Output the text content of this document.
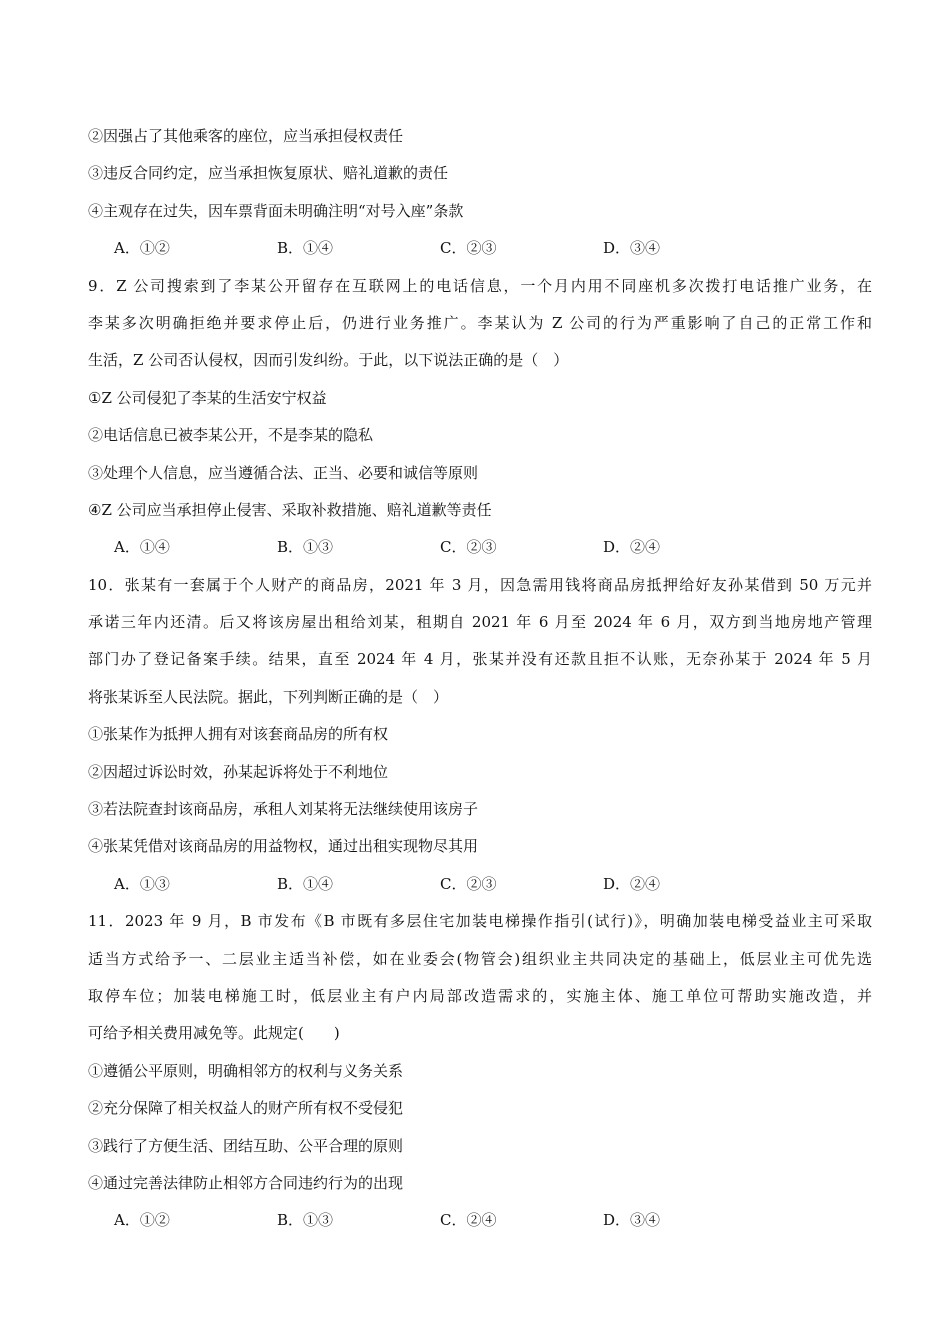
②因强占了其他乘客的座位，应当承担侵权责任
③违反合同约定，应当承担恢复原状、赔礼道歉的责任
④主观存在过失，因车票背面未明确注明“对号入座”条款
A．①②	B．①④	C．②③	D．③④
9．Z 公司搜索到了李某公开留存在互联网上的电话信息，一个月内用不同座机多次拨打电话推广业务，在
李某多次明确拒绝并要求停止后，仍进行业务推广。李某认为 Z 公司的行为严重影响了自己的正常工作和
生活，Z 公司否认侵权，因而引发纠纷。于此，以下说法正确的是（　）
①Z 公司侵犯了李某的生活安宁权益
②电话信息已被李某公开，不是李某的隐私
③处理个人信息，应当遵循合法、正当、必要和诚信等原则
④Z 公司应当承担停止侵害、采取补救措施、赔礼道歉等责任
A．①④	B．①③	C．②③	D．②④
10．张某有一套属于个人财产的商品房，2021 年 3 月，因急需用钱将商品房抵押给好友孙某借到 50 万元并
承诺三年内还清。后又将该房屋出租给刘某，租期自 2021 年 6 月至 2024 年 6 月，双方到当地房地产管理
部门办了登记备案手续。结果，直至 2024 年 4 月，张某并没有还款且拒不认账，无奈孙某于 2024 年 5 月
将张某诉至人民法院。据此，下列判断正确的是（　）
①张某作为抵押人拥有对该套商品房的所有权
②因超过诉讼时效，孙某起诉将处于不利地位
③若法院查封该商品房，承租人刘某将无法继续使用该房子
④张某凭借对该商品房的用益物权，通过出租实现物尽其用
A．①③	B．①④	C．②③	D．②④
11．2023 年 9 月，B 市发布《B 市既有多层住宅加装电梯操作指引(试行)》，明确加装电梯受益业主可采取
适当方式给予一、二层业主适当补偿，如在业委会(物管会)组织业主共同决定的基础上，低层业主可优先选
取停车位；加装电梯施工时，低层业主有户内局部改造需求的，实施主体、施工单位可帮助实施改造，并
可给予相关费用减免等。此规定(　　)
①遵循公平原则，明确相邻方的权利与义务关系
②充分保障了相关权益人的财产所有权不受侵犯
③践行了方便生活、团结互助、公平合理的原则
④通过完善法律防止相邻方合同违约行为的出现
A．①②	B．①③	C．②④	D．③④
